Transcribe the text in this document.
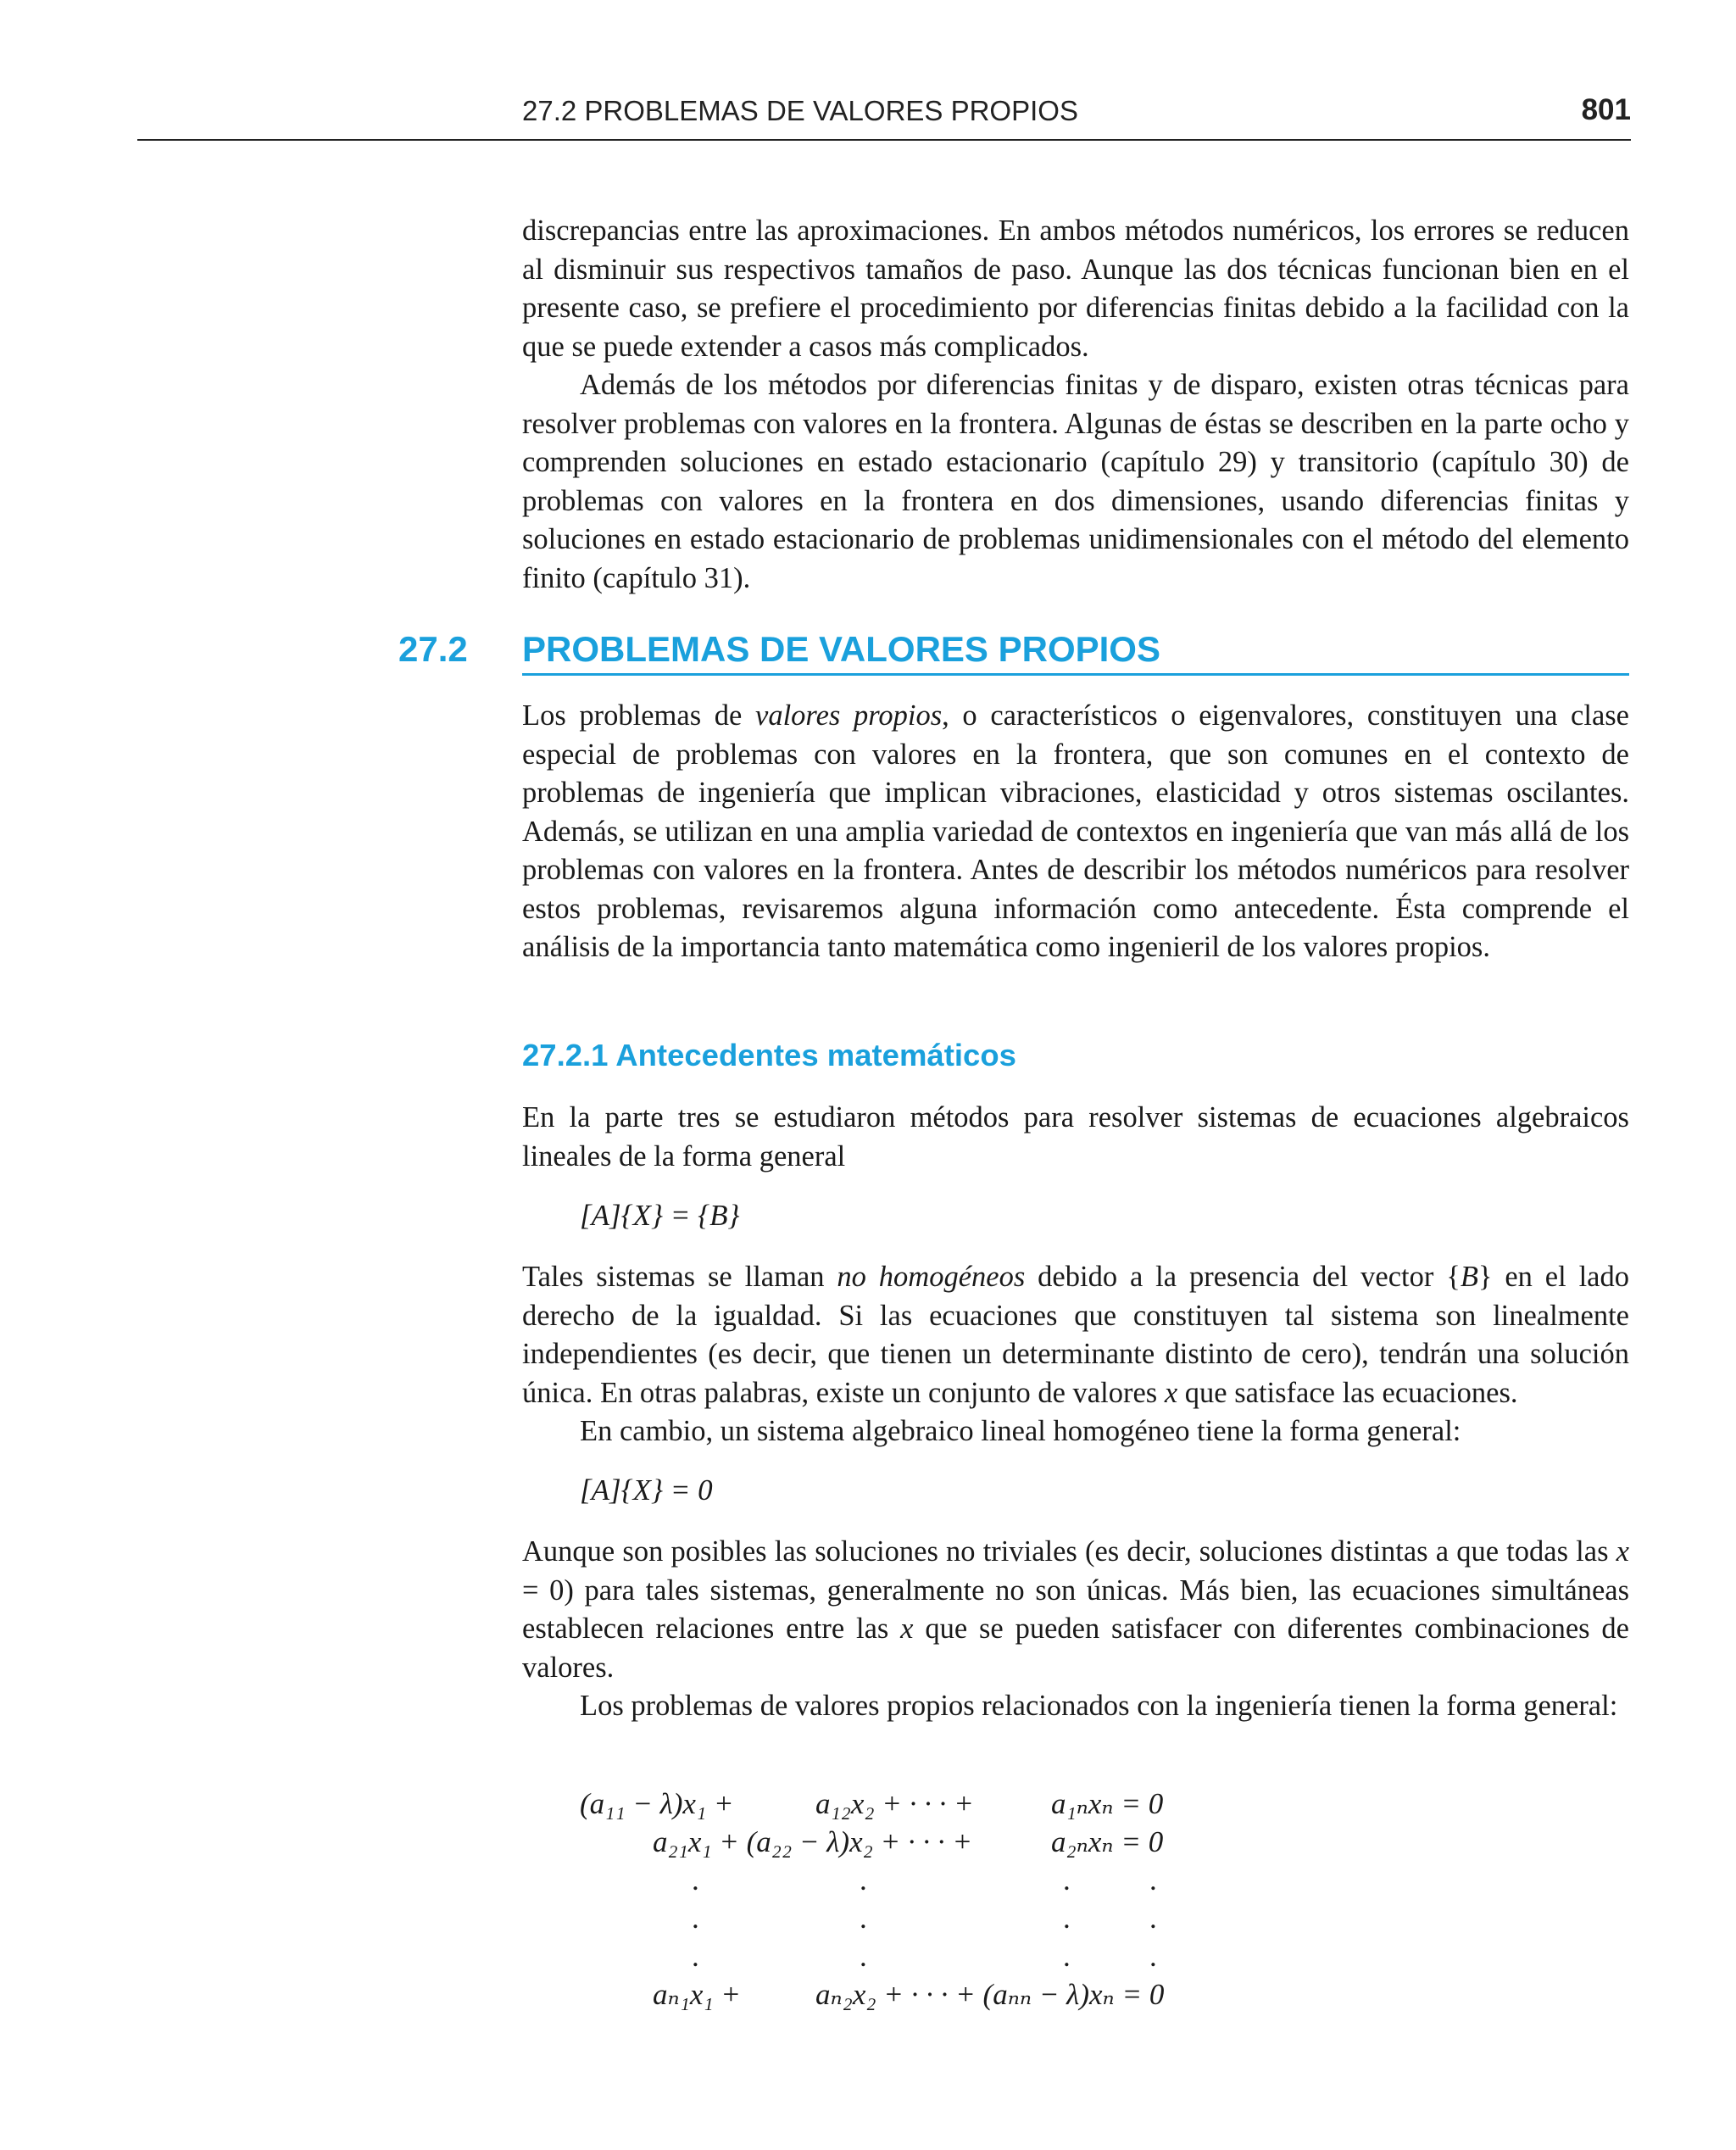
27.2 PROBLEMAS DE VALORES PROPIOS	801

discrepancias entre las aproximaciones. En ambos métodos numéricos, los errores se reducen al disminuir sus respectivos tamaños de paso. Aunque las dos técnicas funcionan bien en el presente caso, se prefiere el procedimiento por diferencias finitas debido a la facilidad con la que se puede extender a casos más complicados.

Además de los métodos por diferencias finitas y de disparo, existen otras técnicas para resolver problemas con valores en la frontera. Algunas de éstas se describen en la parte ocho y comprenden soluciones en estado estacionario (capítulo 29) y transitorio (capítulo 30) de problemas con valores en la frontera en dos dimensiones, usando diferencias finitas y soluciones en estado estacionario de problemas unidimensionales con el método del elemento finito (capítulo 31).

27.2 PROBLEMAS DE VALORES PROPIOS

Los problemas de valores propios, o característicos o eigenvalores, constituyen una clase especial de problemas con valores en la frontera, que son comunes en el contexto de problemas de ingeniería que implican vibraciones, elasticidad y otros sistemas oscilantes. Además, se utilizan en una amplia variedad de contextos en ingeniería que van más allá de los problemas con valores en la frontera. Antes de describir los métodos numéricos para resolver estos problemas, revisaremos alguna información como antecedente. Ésta comprende el análisis de la importancia tanto matemática como ingenieril de los valores propios.

27.2.1 Antecedentes matemáticos

En la parte tres se estudiaron métodos para resolver sistemas de ecuaciones algebraicos lineales de la forma general

[A]{X} = {B}

Tales sistemas se llaman no homogéneos debido a la presencia del vector {B} en el lado derecho de la igualdad. Si las ecuaciones que constituyen tal sistema son linealmente independientes (es decir, que tienen un determinante distinto de cero), tendrán una solución única. En otras palabras, existe un conjunto de valores x que satisface las ecuaciones.

En cambio, un sistema algebraico lineal homogéneo tiene la forma general:

[A]{X} = 0

Aunque son posibles las soluciones no triviales (es decir, soluciones distintas a que todas las x = 0) para tales sistemas, generalmente no son únicas. Más bien, las ecuaciones simultáneas establecen relaciones entre las x que se pueden satisfacer con diferentes combinaciones de valores.

Los problemas de valores propios relacionados con la ingeniería tienen la forma general:

(a₁₁ − λ)x₁ +	a₁₂x₂ + · · · +	a₁ₙxₙ = 0
a₂₁x₁ + (a₂₂ − λ)x₂ + · · · +	a₂ₙxₙ = 0
.	.	.	.
.	.	.	.
.	.	.	.
aₙ₁x₁ +	aₙ₂x₂ + · · · + (aₙₙ − λ)xₙ = 0
